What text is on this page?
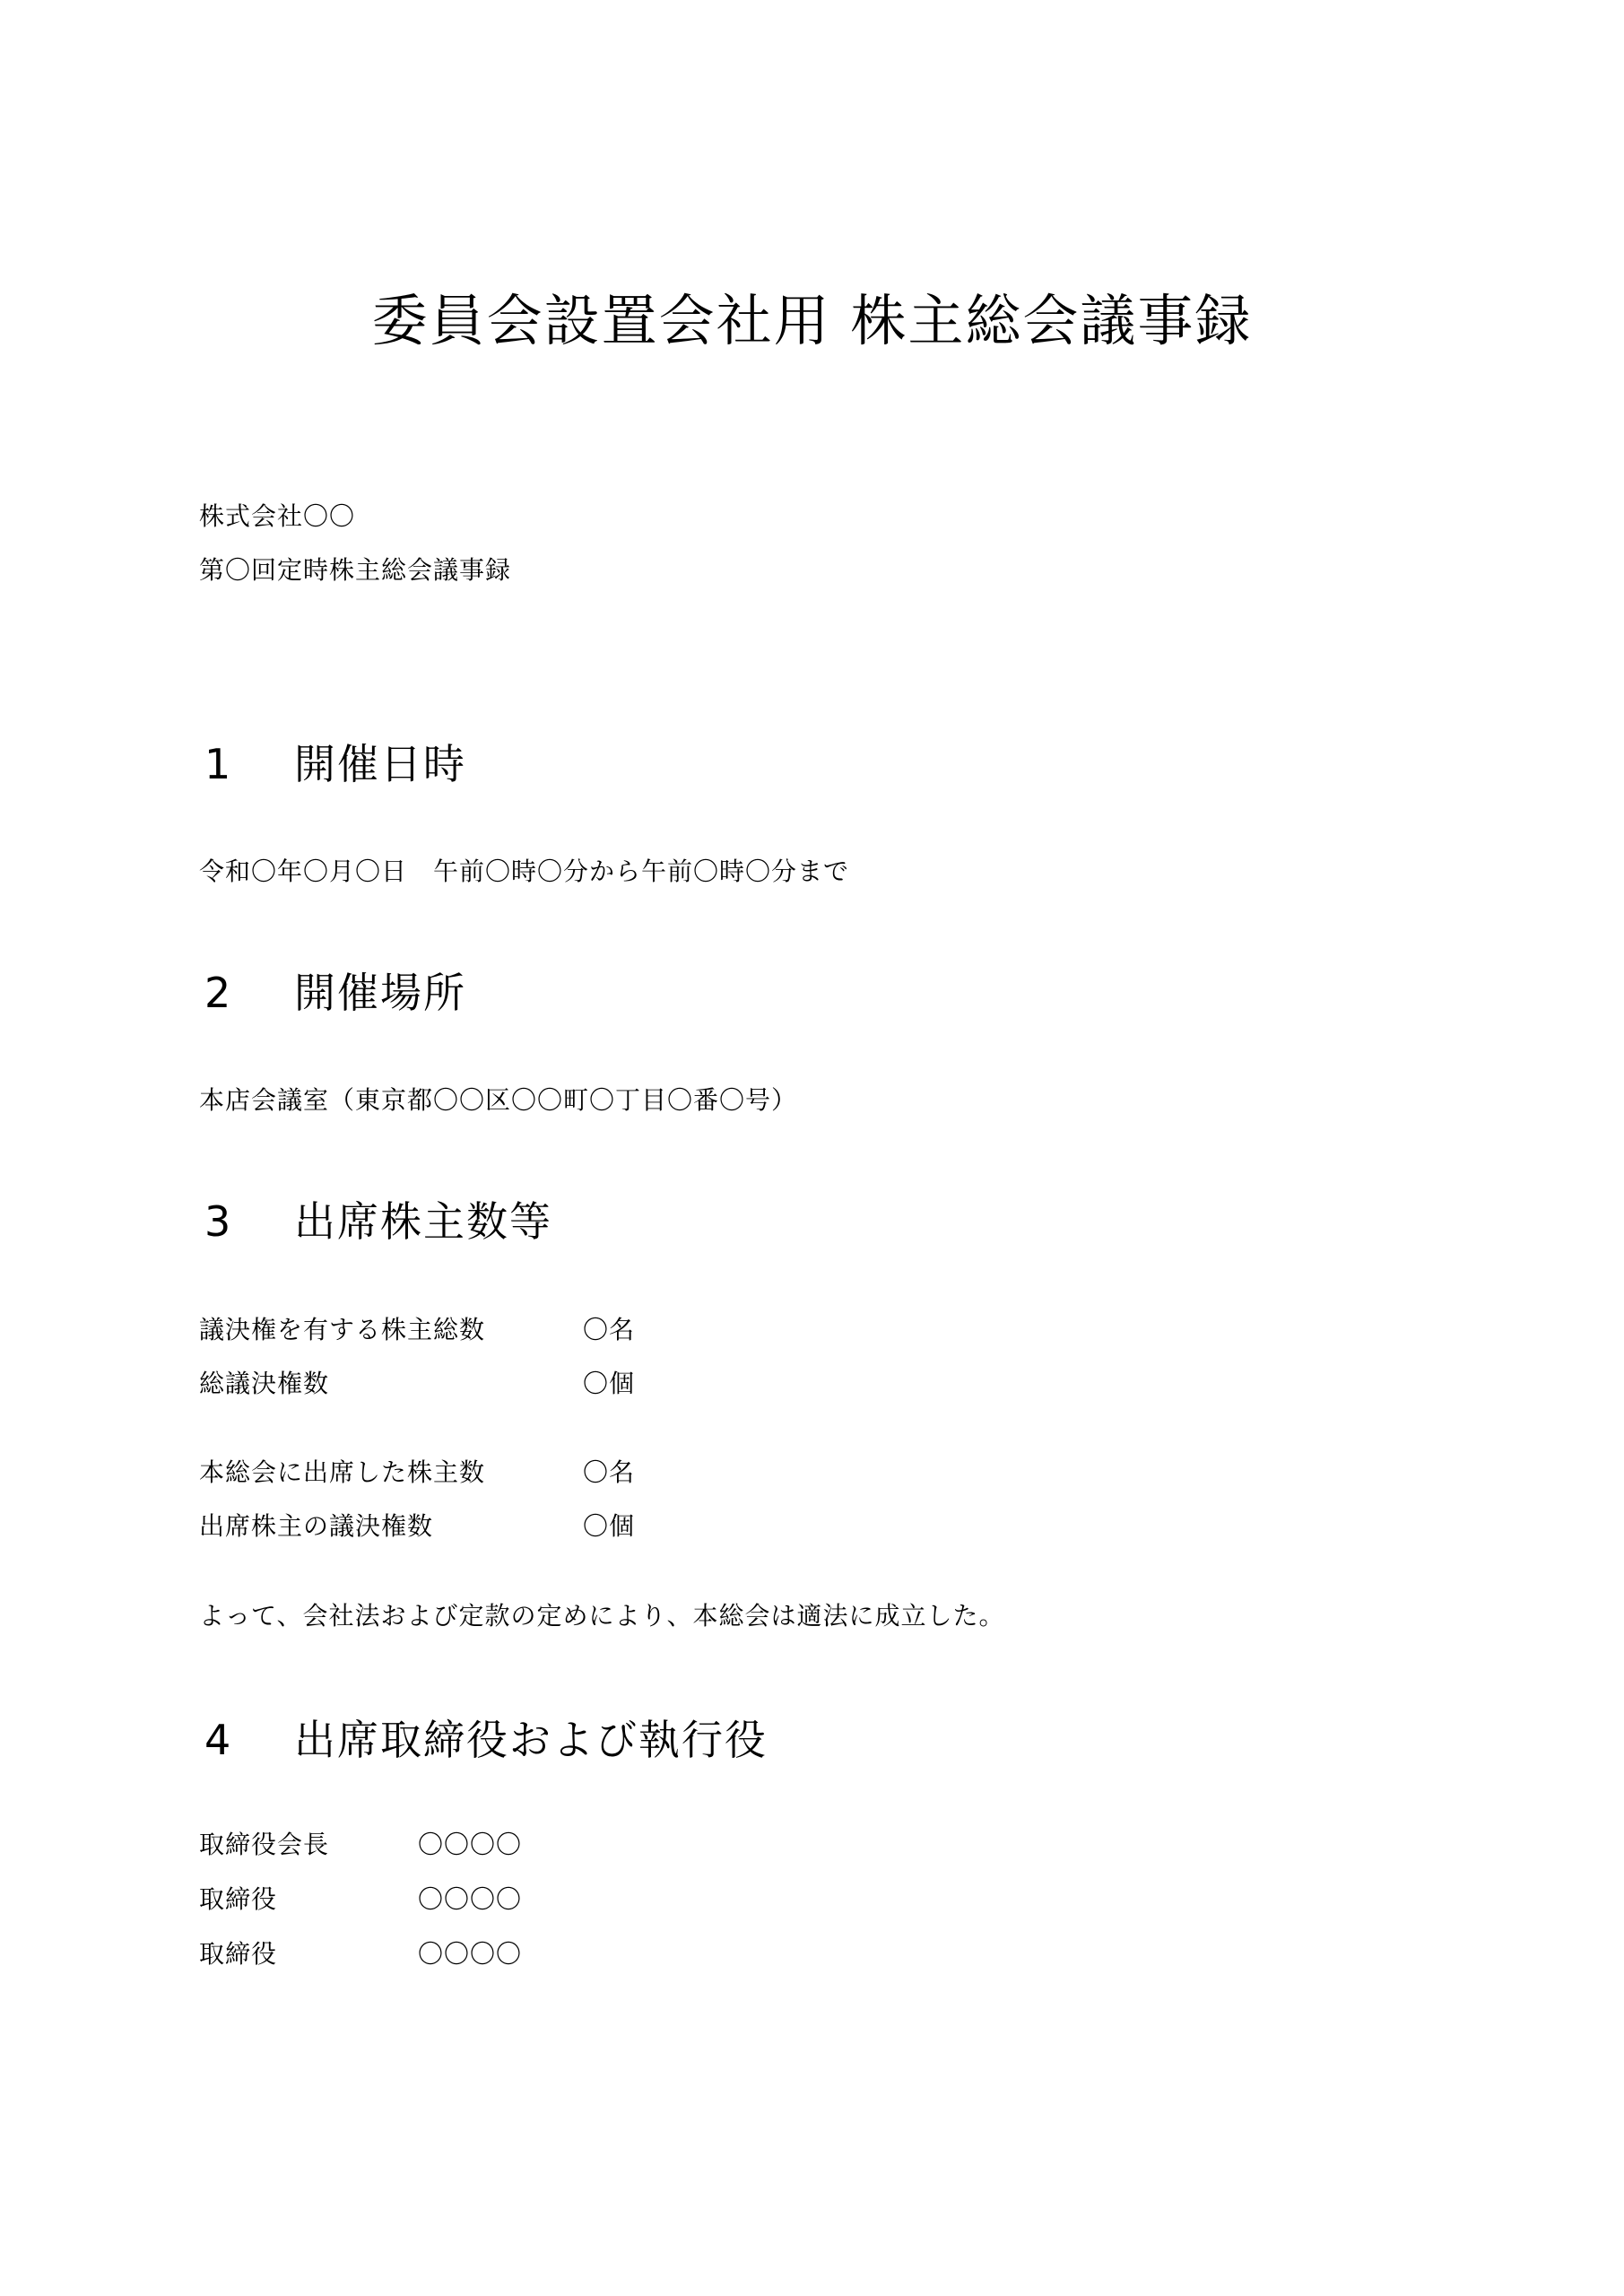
委員会設置会社用 株主総会議事録
株式会社〇〇
第〇回定時株主総会議事録
1 開催日時
令和〇年〇月〇日　午前〇時〇分から午前〇時〇分まで
2 開催場所
本店会議室（東京都〇〇区〇〇町〇丁目〇番〇号）
3 出席株主数等
議決権を有する株主総数	〇名
総議決権数	〇個
本総会に出席した株主数	〇名
出席株主の議決権数	〇個
よって、会社法および定款の定めにより、本総会は適法に成立した。
4 出席取締役および執行役
取締役会長	〇〇〇〇
取締役	〇〇〇〇
取締役	〇〇〇〇
